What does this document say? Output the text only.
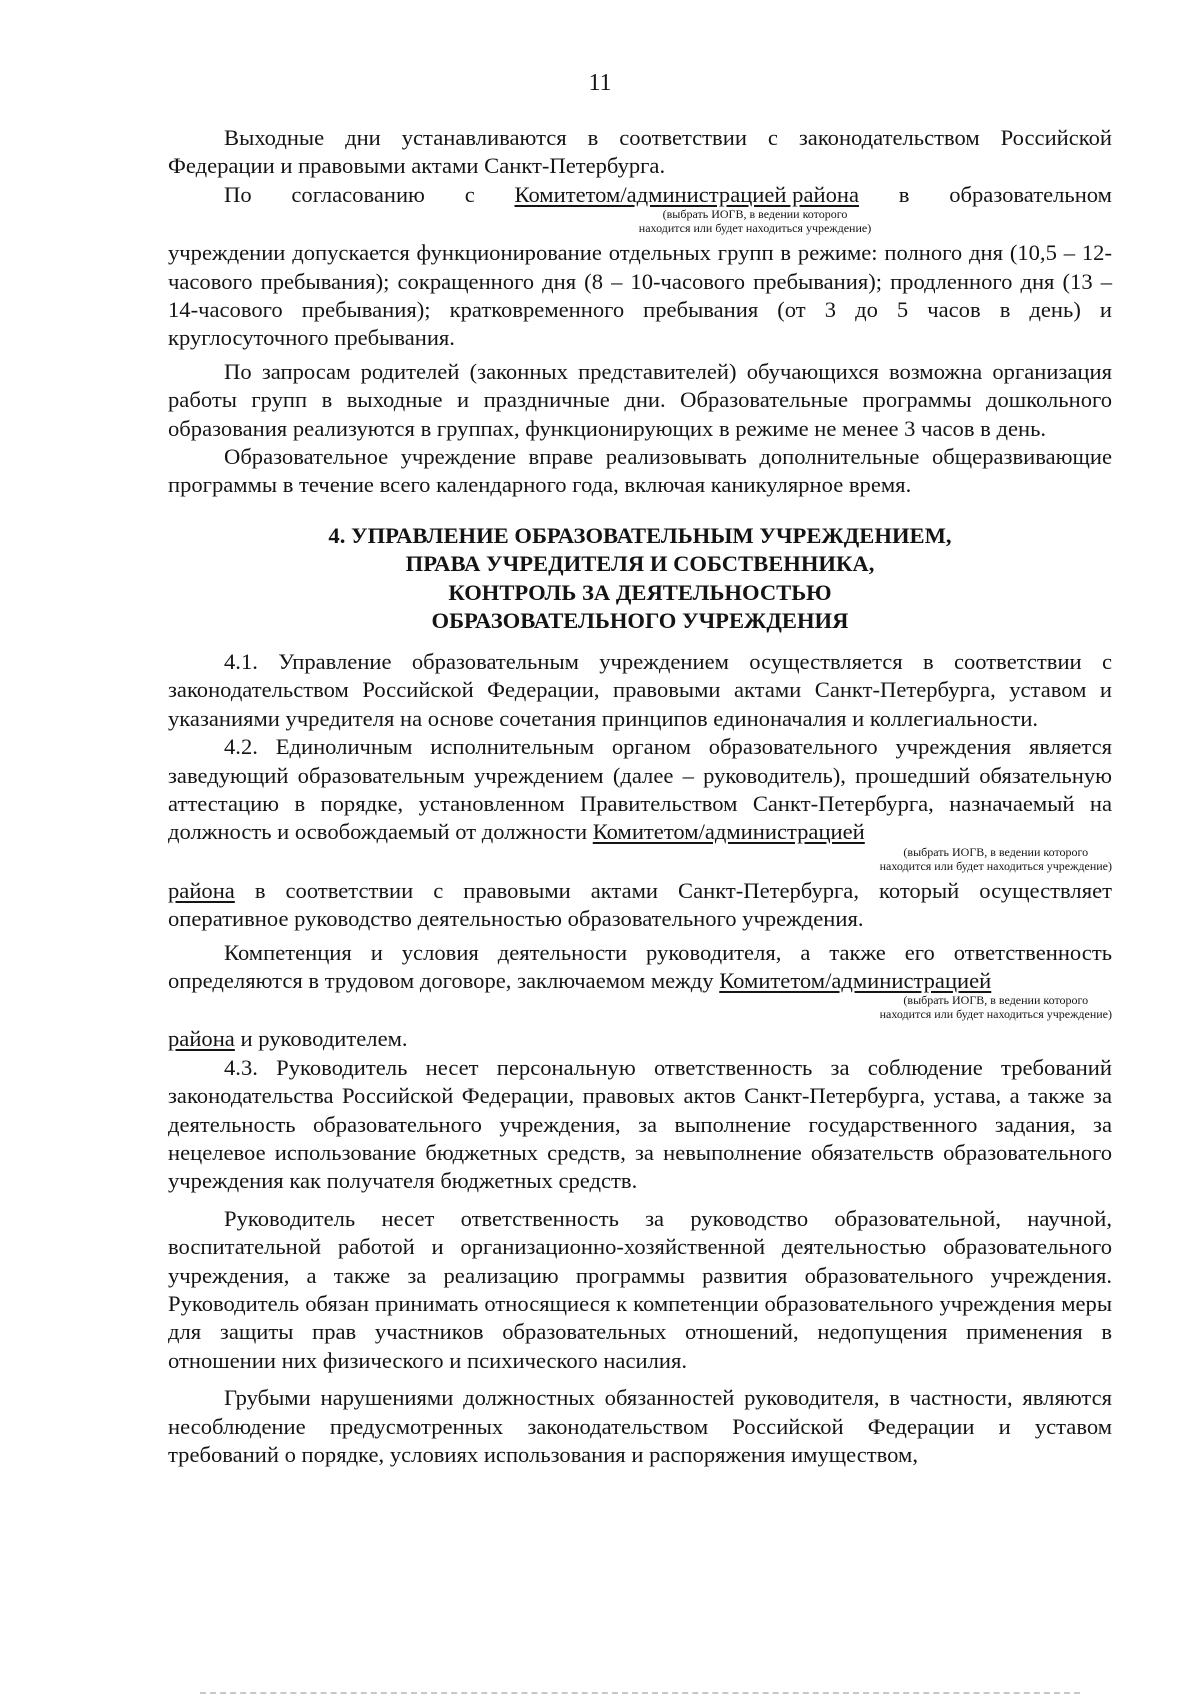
11

Выходные дни устанавливаются в соответствии с законодательством Российской Федерации и правовыми актами Санкт-Петербурга.

По согласованию с Комитетом/администрацией района в образовательном
(выбрать ИОГВ, в ведении которого
находится или будет находиться учреждение)

учреждении допускается функционирование отдельных групп в режиме: полного дня (10,5 – 12-часового пребывания); сокращенного дня (8 – 10-часового пребывания); продленного дня (13 – 14-часового пребывания); кратковременного пребывания (от 3 до 5 часов в день) и круглосуточного пребывания.

По запросам родителей (законных представителей) обучающихся возможна организация работы групп в выходные и праздничные дни. Образовательные программы дошкольного образования реализуются в группах, функционирующих в режиме не менее 3 часов в день.

Образовательное учреждение вправе реализовывать дополнительные общеразвивающие программы в течение всего календарного года, включая каникулярное время.

4. УПРАВЛЕНИЕ ОБРАЗОВАТЕЛЬНЫМ УЧРЕЖДЕНИЕМ,
ПРАВА УЧРЕДИТЕЛЯ И СОБСТВЕННИКА,
КОНТРОЛЬ ЗА ДЕЯТЕЛЬНОСТЬЮ
ОБРАЗОВАТЕЛЬНОГО УЧРЕЖДЕНИЯ

4.1. Управление образовательным учреждением осуществляется в соответствии с законодательством Российской Федерации, правовыми актами Санкт-Петербурга, уставом и указаниями учредителя на основе сочетания принципов единоначалия и коллегиальности.

4.2. Единоличным исполнительным органом образовательного учреждения является заведующий образовательным учреждением (далее – руководитель), прошедший обязательную аттестацию в порядке, установленном Правительством Санкт-Петербурга, назначаемый на должность и освобождаемый от должности Комитетом/администрацией

(выбрать ИОГВ, в ведении которого
находится или будет находиться учреждение)

района в соответствии с правовыми актами Санкт-Петербурга, который осуществляет оперативное руководство деятельностью образовательного учреждения.

Компетенция и условия деятельности руководителя, а также его ответственность определяются в трудовом договоре, заключаемом между Комитетом/администрацией

(выбрать ИОГВ, в ведении которого
находится или будет находиться учреждение)

района и руководителем.

4.3. Руководитель несет персональную ответственность за соблюдение требований законодательства Российской Федерации, правовых актов Санкт-Петербурга, устава, а также за деятельность образовательного учреждения, за выполнение государственного задания, за нецелевое использование бюджетных средств, за невыполнение обязательств образовательного учреждения как получателя бюджетных средств.

Руководитель несет ответственность за руководство образовательной, научной, воспитательной работой и организационно-хозяйственной деятельностью образовательного учреждения, а также за реализацию программы развития образовательного учреждения. Руководитель обязан принимать относящиеся к компетенции образовательного учреждения меры для защиты прав участников образовательных отношений, недопущения применения в отношении них физического и психического насилия.

Грубыми нарушениями должностных обязанностей руководителя, в частности, являются несоблюдение предусмотренных законодательством Российской Федерации и уставом требований о порядке, условиях использования и распоряжения имуществом,
